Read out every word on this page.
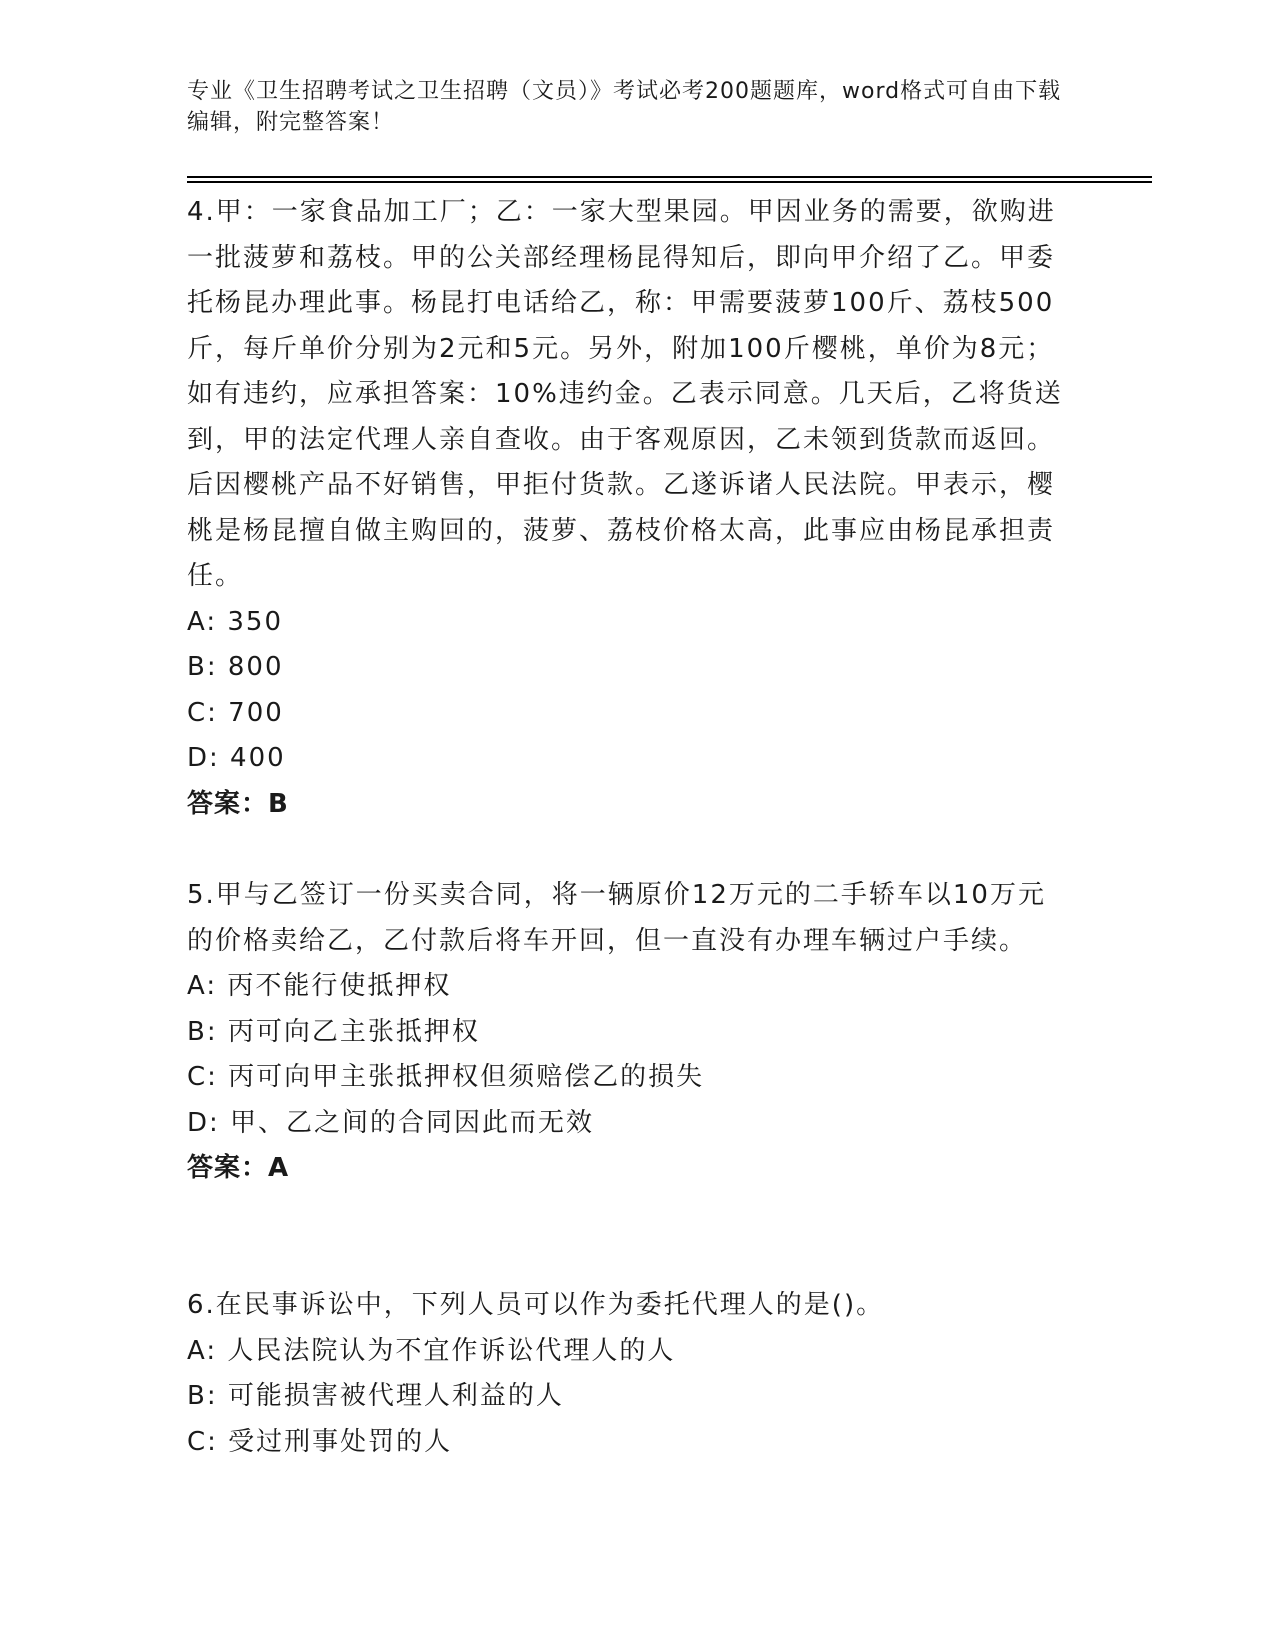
专业《卫生招聘考试之卫生招聘（文员）》考试必考200题题库，word格式可自由下载编辑，附完整答案！

4.甲：一家食品加工厂；乙：一家大型果园。甲因业务的需要，欲购进一批菠萝和荔枝。甲的公关部经理杨昆得知后，即向甲介绍了乙。甲委托杨昆办理此事。杨昆打电话给乙，称：甲需要菠萝100斤、荔枝500斤，每斤单价分别为2元和5元。另外，附加100斤樱桃，单价为8元；如有违约，应承担答案：10%违约金。乙表示同意。几天后，乙将货送到，甲的法定代理人亲自查收。由于客观原因，乙未领到货款而返回。后因樱桃产品不好销售，甲拒付货款。乙遂诉诸人民法院。甲表示，樱桃是杨昆擅自做主购回的，菠萝、荔枝价格太高，此事应由杨昆承担责任。

A: 350

B: 800

C: 700

D: 400

答案：B

5.甲与乙签订一份买卖合同，将一辆原价12万元的二手轿车以10万元的价格卖给乙，乙付款后将车开回，但一直没有办理车辆过户手续。

A: 丙不能行使抵押权

B: 丙可向乙主张抵押权

C: 丙可向甲主张抵押权但须赔偿乙的损失

D: 甲、乙之间的合同因此而无效

答案：A

6.在民事诉讼中，下列人员可以作为委托代理人的是()。

A: 人民法院认为不宜作诉讼代理人的人

B: 可能损害被代理人利益的人

C: 受过刑事处罚的人
